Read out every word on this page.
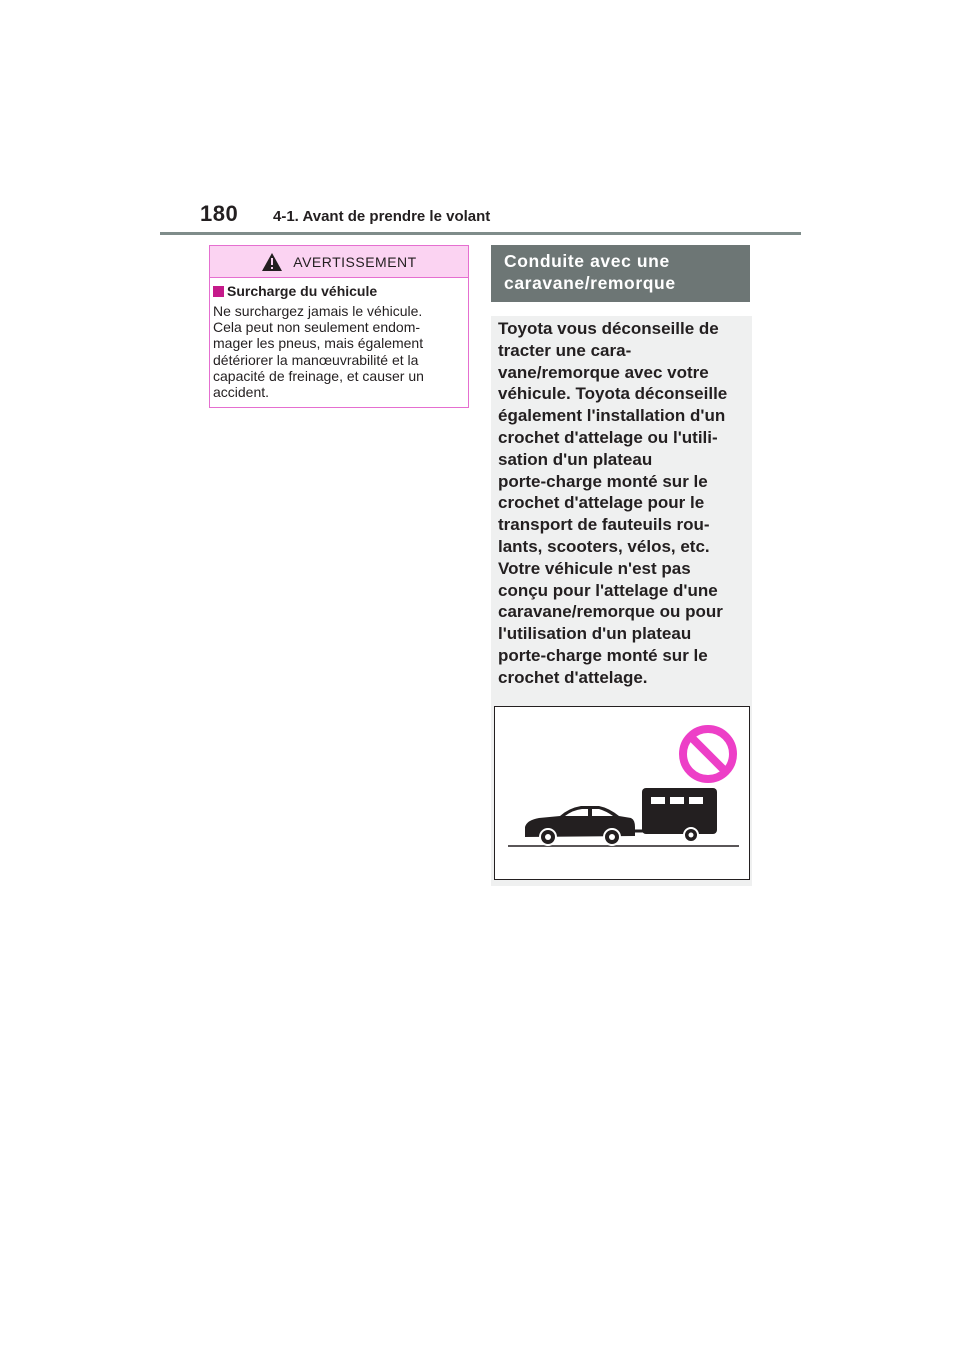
180 4-1. Avant de prendre le volant
AVERTISSEMENT
Surcharge du véhicule
Ne surchargez jamais le véhicule.
Cela peut non seulement endom-
mager les pneus, mais également
détériorer la manœuvrabilité et la
capacité de freinage, et causer un
accident.
Conduite avec une
caravane/remorque
Toyota vous déconseille de
tracter une cara-
vane/remorque avec votre
véhicule. Toyota déconseille
également l'installation d'un
crochet d'attelage ou l'utili-
sation d'un plateau
porte-charge monté sur le
crochet d'attelage pour le
transport de fauteuils rou-
lants, scooters, vélos, etc.
Votre véhicule n'est pas
conçu pour l'attelage d'une
caravane/remorque ou pour
l'utilisation d'un plateau
porte-charge monté sur le
crochet d'attelage.
